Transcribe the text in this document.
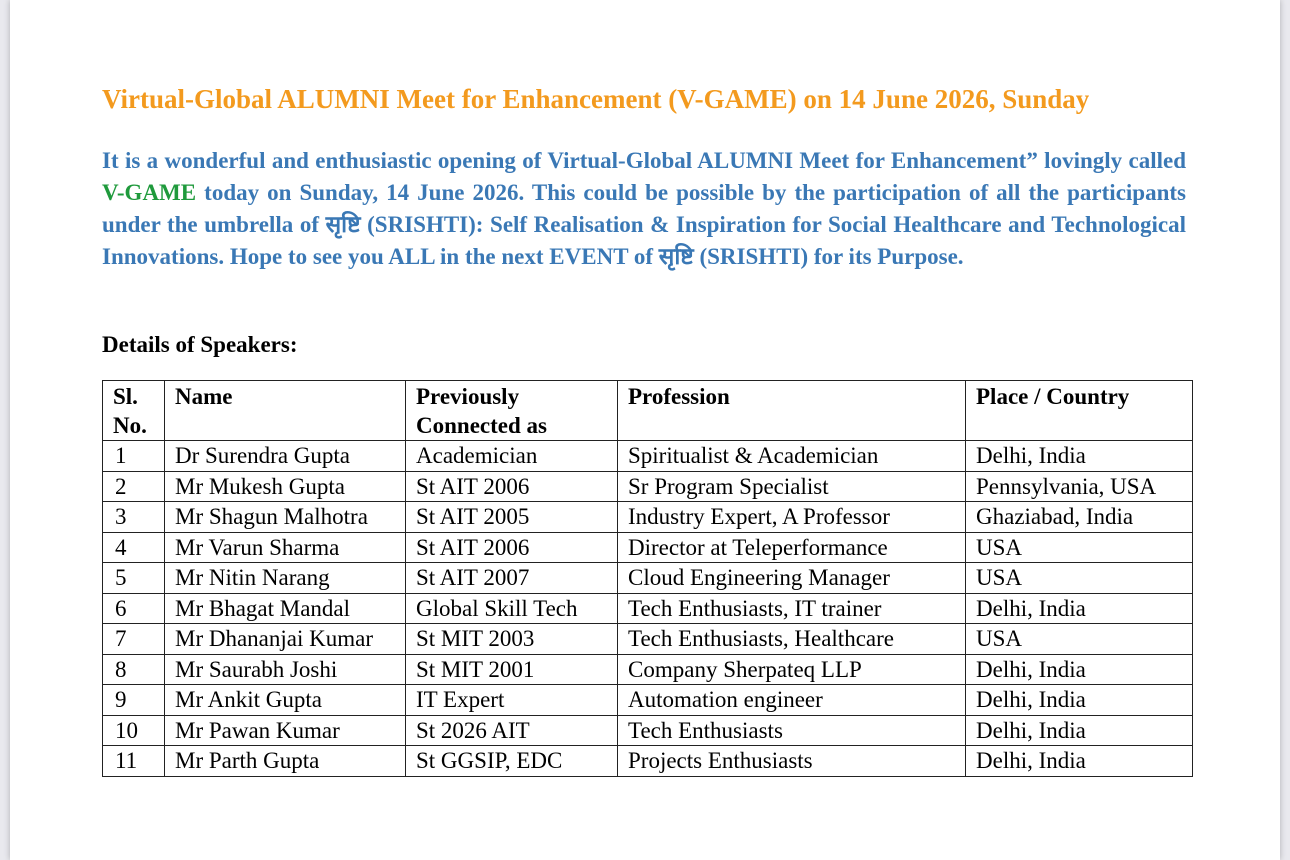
Virtual-Global ALUMNI Meet for Enhancement (V-GAME) on 14 June 2026, Sunday

It is a wonderful and enthusiastic opening of Virtual-Global ALUMNI Meet for Enhancement” lovingly called V-GAME today on Sunday, 14 June 2026. This could be possible by the participation of all the participants under the umbrella of सृष्टि (SRISHTI): Self Realisation & Inspiration for Social Healthcare and Technological Innovations. Hope to see you ALL in the next EVENT of सृष्टि (SRISHTI) for its Purpose.

Details of Speakers:
Sl. No.	Name	Previously Connected as	Profession	Place / Country
1	Dr Surendra Gupta	Academician	Spiritualist & Academician	Delhi, India
2	Mr Mukesh Gupta	St AIT 2006	Sr Program Specialist	Pennsylvania, USA
3	Mr Shagun Malhotra	St AIT 2005	Industry Expert, A Professor	Ghaziabad, India
4	Mr Varun Sharma	St AIT 2006	Director at Teleperformance	USA
5	Mr Nitin Narang	St AIT 2007	Cloud Engineering Manager	USA
6	Mr Bhagat Mandal	Global Skill Tech	Tech Enthusiasts, IT trainer	Delhi, India
7	Mr Dhananjai Kumar	St MIT 2003	Tech Enthusiasts, Healthcare	USA
8	Mr Saurabh Joshi	St MIT 2001	Company Sherpateq LLP	Delhi, India
9	Mr Ankit Gupta	IT Expert	Automation engineer	Delhi, India
10	Mr Pawan Kumar	St 2026 AIT	Tech Enthusiasts	Delhi, India
11	Mr Parth Gupta	St GGSIP, EDC	Projects Enthusiasts	Delhi, India
